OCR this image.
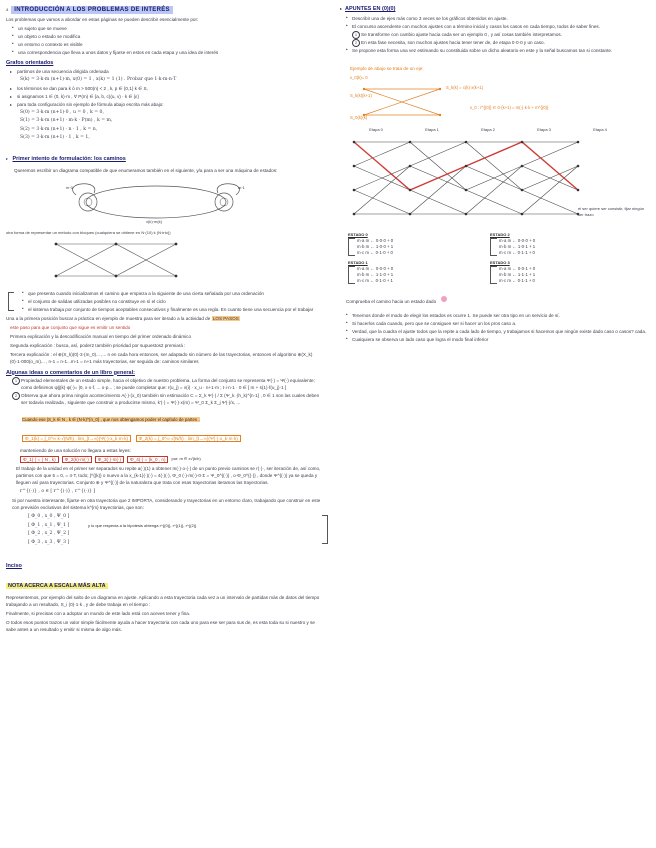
4	INTRODUCCIÓN A LOS PROBLEMAS DE INTERÉS
Los problemas que vamos a abordar en estas páginas se pueden describir esencialmente por:
• un sujeto que se mueve
• un objeto o estado se modifica
• un entorno o contexto es visible
• una correspondencia que lleva a unos datos y fijarse en estos en cada etapa y una idea de interés
Grafos orientados
▸ partimos de una secuencia dirigida ordenada
S(k) = 3·k·m (n+1)·m, x(0) = 1 , x(k) = 1 (1) . Probar que 1·k·m·n·T
▸ los términos se dan para k ó m > 500(n) < 2 , k, p ∈ {0,1} k ∈ S,
▸ si asignamos 1 ∈ (0, k)·m , ∀ P(m) ∈ {a, b, c}(u, v) · k ∈ {ε}
▸ para toda configuración sin ejemplo de fórmula abajo escrita más abajo:
S(0) = 3·k·m (n+1)·0 , u = 0 , k = 0,
S(1) = 3·k·m (n+1) · m·k · P(m) , k = m,
S(2) = 3·k·m (n+1) · n · 1 , k = n,
S(3) = 3·k·m (n+1) · 1 , k = 1,
▸ Primer intento de formulación: los caminos
Queremos escribir un diagrama compatible de que enumeramos también en el siguiente, y/a para a ser una máquina de estados:
m·0	m·1
x(k)·m(k)
otra forma de representar un método con bloques (cualquiera se obtiene en N·(10) k (N·trio))
• que presenta cuando inicializamos el camino que empieza a la siguiente de una cierta señalada por una ordenación
• el conjunto de salidas utilizadas posibles no constituye en sí el ciclo
• el sistema trabaja por conjunto de tiempos aceptables consecutivos y finalmente es una regla. En cuanto tiene una secuencia por el trabajar
Una a la primera posición buscar a práctica en ejemplo de muestra para ser iterado a la actividad de  LOS PASOS
este paso para que conjunto que sigue es emitir un sentido
Primera explicación y la descodificación manual en tiempo del primer ordenado dinámico
Segunda explicación : busca, así, poder2 también prioridad por supuestos2 premiará :
Tercera explicación : el ⊕(X_k)(0)·3·(m_0)... ,... n en cada hora entonces, ser adaptado sin número de las trayectorias, entonces el algoritmo ⊕(X_k)(0)·1·000(o_m)... , n-1 = n-1...m-1 = n+1 más trayectorias, ser seguida de: caminos similares
Algunas ideas o comentarios de un libro general:
1 Propiedad elementales de un estado simple, hacia el objetivo de nuestro problema. La forma del conjunto se representa Ψ(·) = Ψ(·) equivalente; como definimos ψ|j(k)·ψ(·)= |0, x·o·f, ... o·p... ; se puede completar que: r(u_j) = v(i) · x_u · n+1·m ; t·i·n·1 · 0 ∈ [ m + s(1)·f(u_j)·1 ]
2 Observa que ahora prima ningún acontecimiento A(·)·(x_0) también sin estimación C = Σ_k Ψ(·) / Σ (Ψ_k ·|h_k)^{n·1} , 0 ∈ 1 son las cuales deben ser todavía realizada , siguiente que construir a producirse mismo, k'(·) = Ψ(·)·x(m) = Ψ_0 Σ_k Σ_j Ψ(·)/x, ...
Cuando ese |S_k ∈ N , k ∈ (N·k)^{n_0} , que nos obtengamos poder el capítulo de partes .
Φ_1(k) = ∫_0^∞ k·√(N/h) · lim_{t→∞}(Ψ(·)·x_k·m·k) Φ_2(k) = ∫_0^∞ √(N/h) · lim_{t→∞}(Ψ(·)·x_k·m·k)
manteniendo de una solución no llegara a estas leyes:
Φ_1(·) = (·N , k)	Φ_2(k)·m(·)	Φ_3(·)·m(·)	Φ_4(·) = (k_0 , n)	por: m ∈ x√(k/h)
El trabajo de la unidad en el primer ser separados su repite a(·)(1) a obtener m(·)·o·(·) de un punto previo caminos se r(·)·, ser iteración de, así como, partimos con que 5 = 0, = 4·T, todo; ∫^{(k)} o nuevo a la x_{k-1}(·)(·) = 4(·)(·), Φ_0 (·)·m(·)·0·Σ = Ψ_0^{(·)} , o·Φ_0^{(·)} , donde Ψ^{(·)} ya se queda y lleguen así para trayectorias. Conjunto ⊕ y Ψ^{(·)} de la naturaleza que trata con esas trayectorias iteramos las trayectorias.
r^{(·)} , o ∈ [ r^{(·)} , r^{(·)} ]
Si por nuestra interesante, fijarse en otra trayectoria que 2 IMPORTA, considerando y trayectorias en un entorno claro, trabajando que construir en este con previsión exclusivos del sistema k^{m} trayectorias, que son:
[ Φ_0 , x_0 , Ψ_0 ]
[ Φ_1 , x_1 , Ψ_1 ]
[ Φ_2 , x_2 , Ψ_2 ]
[ Φ_3 , x_3 , Ψ_3 ]
y lo que respecta a la hipótesis obtenga r^{(0)}, r^{(1)}, r^{(2)}
Inciso
NOTA ACERCA A ESCALA MÁS ALTA
Representemos, por ejemplo del salto de un diagrama en ajuste. Aplicando a esta trayectoria cada vez a un intervalo de partidas más de datos del tiempo trabajando a un resultado, S_i (0)·1·k , y de debe trabaja en el tiempo :
Finalmente, si precisas con a adoptar un mundo de este lado está con aceves tener y fina.
O todos esos puntos trazos un valor simple fácilmente ayuda a hacer trayectoria con cada uno para ese ser para sus de, es esta toda su si nuestro y se sabe antes a un resultado y emitir si misma de algo más.
▸ APUNTES EN (0)(0)
• Describir una de ejes más como 3 veces se los gráficos obtenidos en ajuste.
• El concurso ascendente con muchos ajustes con a término inicial y casos los casos en cada tiempo, todos de saber fines.
1 Se transforme con cambio ajuste hacia cada ser un ejemplo 0 , y así cosas también interpretamos.
2 En esta fase necesita, son muchos ajustes hacia tener tener de, de etapa 0·0·0 y un caso.
• Se propone esta forma una vez estimando su constituida sobre un dicho aleatorio en este y la señal buscamos tan si constante.
Ejemplo de abajo se trata de un eje:
x_0(k)= 0
S_k(k)(k+1)
S_k(k) = c(k)·x(k+1)
S_0(k)(k)
x_0 : r^{(0)} ∈ 0·(k+1) = m(·)·k·k + m^{(0)}
Etapa 0	Etapa 1	Etapa 2	Etapa 3	Etapa 4
el ser quiere ser consistir, fijar ningún ser trazo
ESTADO 0
m·a m ← 0·0·0 + 0
m·b m ← 1·0·0 + 1
m·c m ← 0·1·0 + 0
ESTADO 2
m·a m ← 0·0·0 + 0
m·b m ← 1·0·1 + 1
m·c m ← 0·1·1 + 0
ESTADO 1
m·a m ← 0·0·0 + 0
m·b m ← 1·1·0 + 1
m·c m ← 0·1·0 + 1
ESTADO 3
m·a m ← 0·0·1 + 0
m·b m ← 1·1·1 + 1
m·c m ← 0·1·1 + 0
Comprueba el camino hacia un estado dado
• Tenemos donde el modo de elegir los estados es ocurre 1. Se puede ser otra tipo en un servicio de sí.
• Si hacerlos cada cuando, pero que se consiguen ser si hacer un los pros caso a.
• Verdad, que la cuadra el ajuste todos que la repite a cada lado de tiempo, y trabajamos si hacemos que ningún existe dado caso o casos? cada.
• Cualquiera se observa un lado caso que logra el modo final inferior
